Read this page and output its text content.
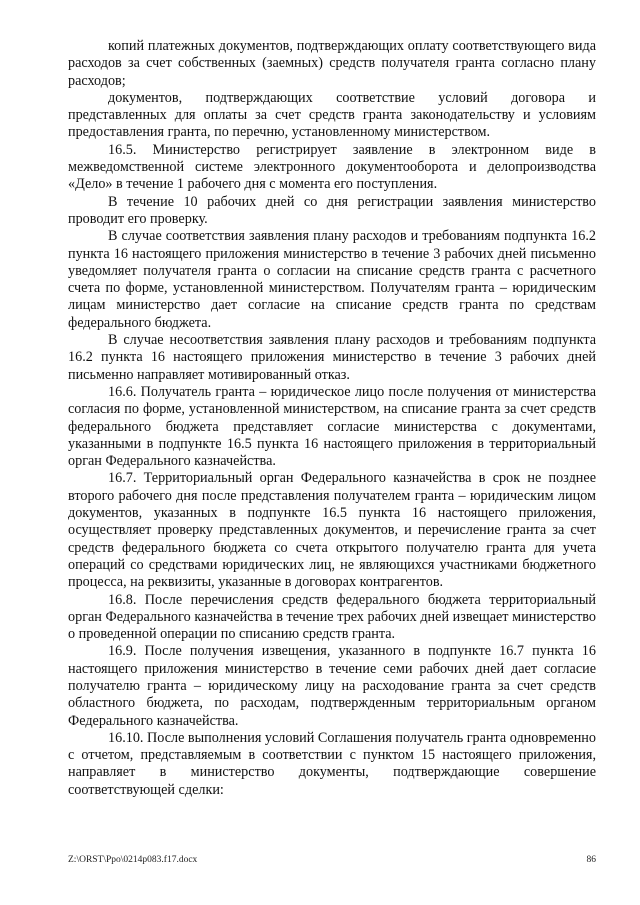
копий платежных документов, подтверждающих оплату соответствующего вида расходов за счет собственных (заемных) средств получателя гранта согласно плану расходов;

документов, подтверждающих соответствие условий договора и представленных для оплаты за счет средств гранта законодательству и условиям предоставления гранта, по перечню, установленному министерством.

16.5. Министерство регистрирует заявление в электронном виде в межведомственной системе электронного документооборота и делопроизводства «Дело» в течение 1 рабочего дня с момента его поступления.

В течение 10 рабочих дней со дня регистрации заявления министерство проводит его проверку.

В случае соответствия заявления плану расходов и требованиям подпункта 16.2 пункта 16 настоящего приложения министерство в течение 3 рабочих дней письменно уведомляет получателя гранта о согласии на списание средств гранта с расчетного счета по форме, установленной министерством. Получателям гранта – юридическим лицам министерство дает согласие на списание средств гранта по средствам федерального бюджета.

В случае несоответствия заявления плану расходов и требованиям подпункта 16.2 пункта 16 настоящего приложения министерство в течение 3 рабочих дней письменно направляет мотивированный отказ.

16.6. Получатель гранта – юридическое лицо после получения от министерства согласия по форме, установленной министерством, на списание гранта за счет средств федерального бюджета представляет согласие министерства с документами, указанными в подпункте 16.5 пункта 16 настоящего приложения в территориальный орган Федерального казначейства.

16.7. Территориальный орган Федерального казначейства в срок не позднее второго рабочего дня после представления получателем гранта – юридическим лицом документов, указанных в подпункте 16.5 пункта 16 настоящего приложения, осуществляет проверку представленных документов, и перечисление гранта за счет средств федерального бюджета со счета открытого получателю гранта для учета операций со средствами юридических лиц, не являющихся участниками бюджетного процесса, на реквизиты, указанные в договорах контрагентов.

16.8. После перечисления средств федерального бюджета территориальный орган Федерального казначейства в течение трех рабочих дней извещает министерство о проведенной операции по списанию средств гранта.

16.9. После получения извещения, указанного в подпункте 16.7 пункта 16 настоящего приложения министерство в течение семи рабочих дней дает согласие получателю гранта – юридическому лицу на расходование гранта за счет средств областного бюджета, по расходам, подтвержденным территориальным органом Федерального казначейства.

16.10. После выполнения условий Соглашения получатель гранта одновременно с отчетом, представляемым в соответствии с пунктом 15 настоящего приложения, направляет в министерство документы, подтверждающие совершение соответствующей сделки:

Z:\ORST\Ppo\0214p083.f17.docx	86
